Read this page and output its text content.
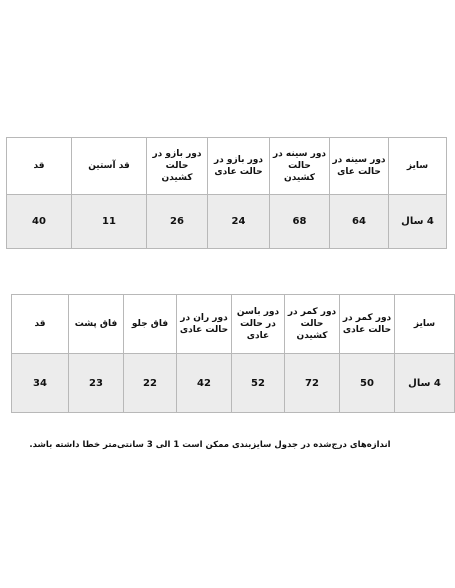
سایز	دور سینه در حالت عای	دور سینه در حالت کشیدن	دور بازو در حالت عادی	دور بازو در حالت کشیدن	قد آستین	قد
4 سال	64	68	24	26	11	40
سایز	دور کمر در حالت عادی	دور کمر در حالت کشیدن	دور باسن در حالت عادی	دور ران در حالت عادی	فاق جلو	فاق پشت	قد
4 سال	50	72	52	42	22	23	34
اندازه‌های درج‌شده در جدول سایزبندی ممکن است 1 الی 3 سانتی‌متر خطا داشته باشد.
